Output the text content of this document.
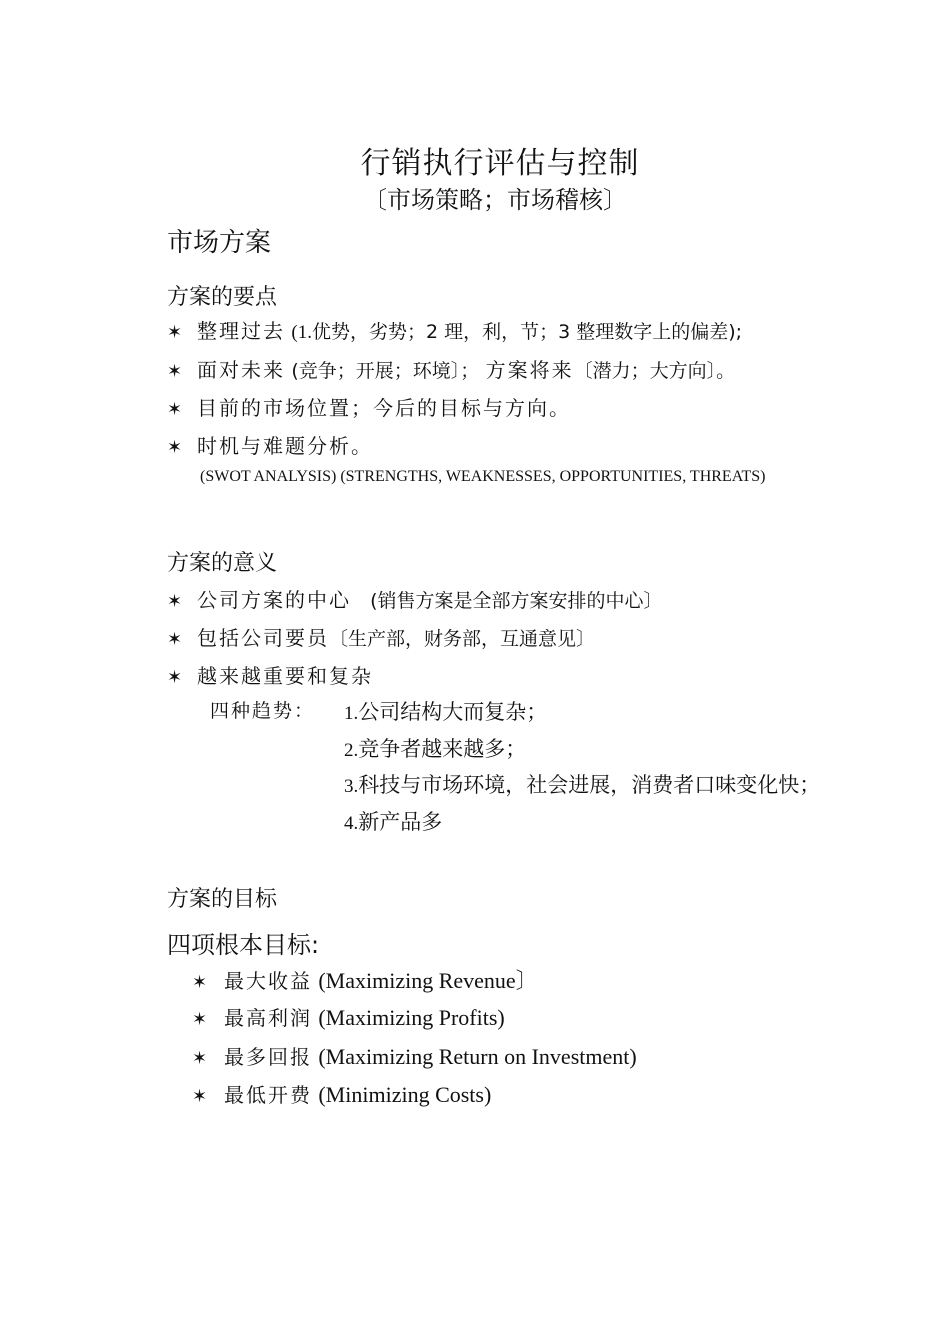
行销执行评估与控制
〔市场策略；市场稽核〕
市场方案
方案的要点
✶ 整理过去 (1.优势，劣势；2 理，利，节；3 整理数字上的偏差);
✶ 面对未来 (竞争；开展；环境〕； 方案将来〔潜力；大方向〕。
✶ 目前的市场位置；今后的目标与方向。
✶ 时机与难题分析。
(SWOT ANALYSIS) (STRENGTHS, WEAKNESSES, OPPORTUNITIES, THREATS)
方案的意义
✶ 公司方案的中心 (销售方案是全部方案安排的中心〕
✶ 包括公司要员〔生产部，财务部，互通意见〕
✶ 越来越重要和复杂
四种趋势： 1.公司结构大而复杂；
2.竞争者越来越多；
3.科技与市场环境，社会进展，消费者口味变化快；
4.新产品多
方案的目标
四项根本目标:
✶ 最大收益 (Maximizing Revenue〕
✶ 最高利润 (Maximizing Profits)
✶ 最多回报 (Maximizing Return on Investment)
✶ 最低开费 (Minimizing Costs)
